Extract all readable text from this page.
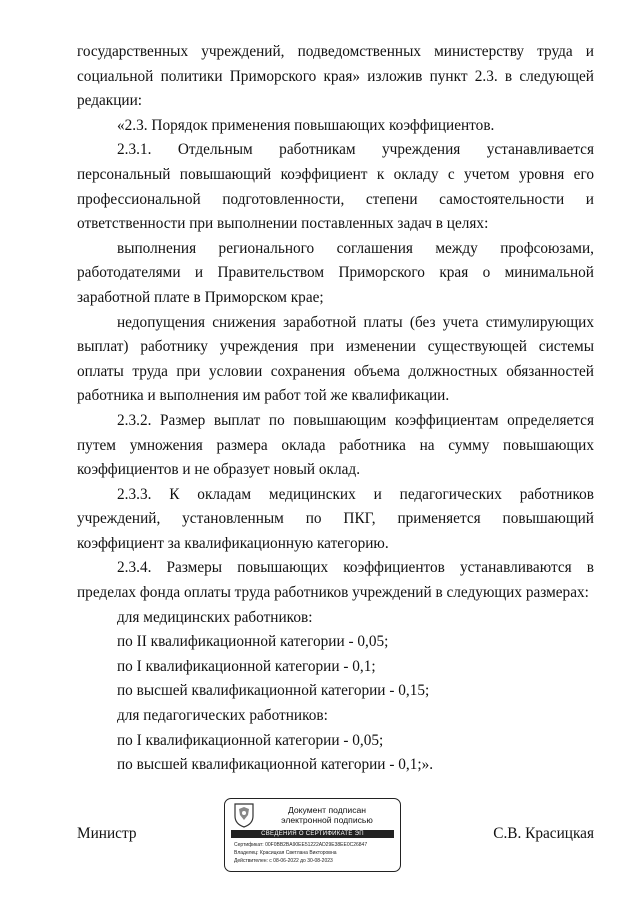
государственных учреждений, подведомственных министерству труда и социальной политики Приморского края» изложив пункт 2.3. в следующей редакции:

«2.3. Порядок применения повышающих коэффициентов.

2.3.1. Отдельным работникам учреждения устанавливается персональный повышающий коэффициент к окладу с учетом уровня его профессиональной подготовленности, степени самостоятельности и ответственности при выполнении поставленных задач в целях:

выполнения регионального соглашения между профсоюзами, работодателями и Правительством Приморского края о минимальной заработной плате в Приморском крае;

недопущения снижения заработной платы (без учета стимулирующих выплат) работнику учреждения при изменении существующей системы оплаты труда при условии сохранения объема должностных обязанностей работника и выполнения им работ той же квалификации.

2.3.2. Размер выплат по повышающим коэффициентам определяется путем умножения размера оклада работника на сумму повышающих коэффициентов и не образует новый оклад.

2.3.3. К окладам медицинских и педагогических работников учреждений, установленным по ПКГ, применяется повышающий коэффициент за квалификационную категорию.

2.3.4. Размеры повышающих коэффициентов устанавливаются в пределах фонда оплаты труда работников учреждений в следующих размерах:

для медицинских работников:

по II квалификационной категории - 0,05;

по I квалификационной категории - 0,1;

по высшей квалификационной категории - 0,15;

для педагогических работников:

по I квалификационной категории - 0,05;

по высшей квалификационной категории - 0,1;».

Министр	С.В. Красицкая
Документ подписан
электронной подписью
СВЕДЕНИЯ О СЕРТИФИКАТЕ ЭП
Сертификат: 00F0BB2BA90EE51222AD29E38EE0C26847
Владелец: Красицкая Светлана Викторовна
Действителен: с 08-06-2022 до 30-08-2023
